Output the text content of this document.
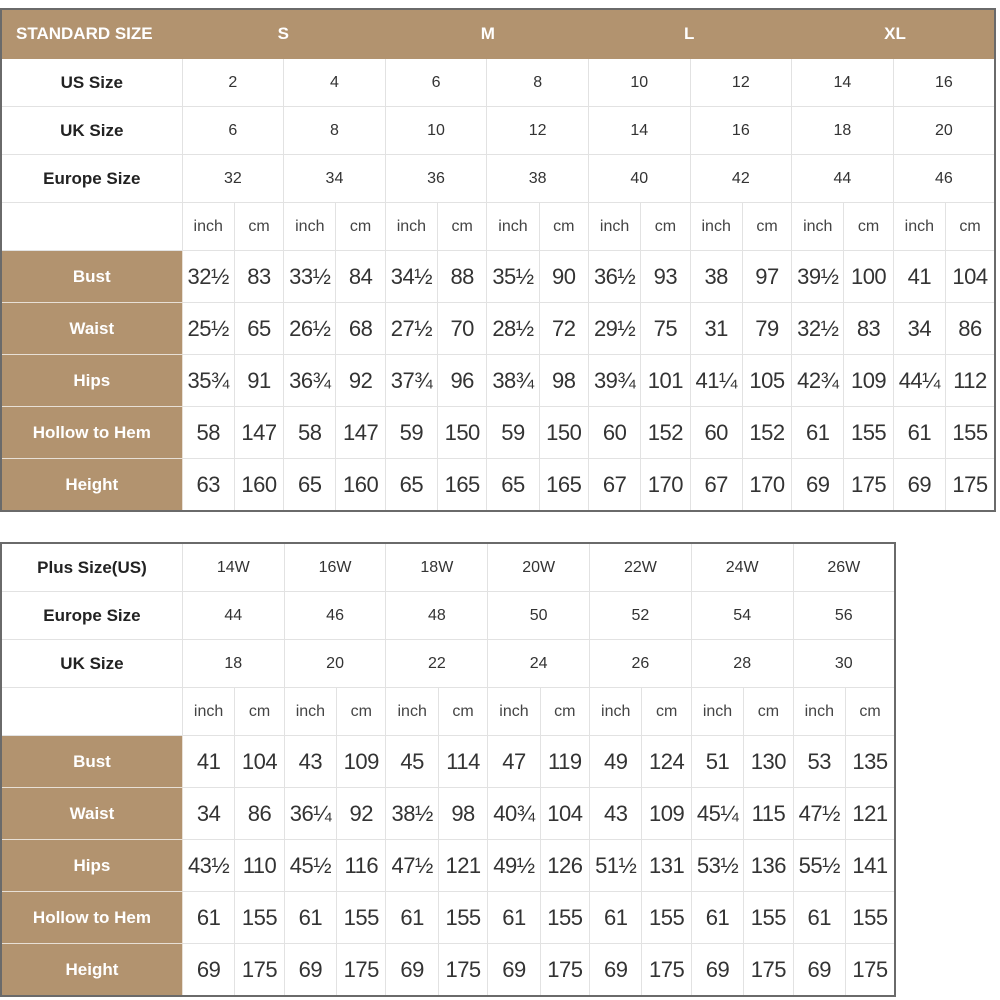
STANDARD SIZE	S				M				L				XL			
US Size	2		4		6		8		10		12		14		16	
UK Size	6		8		10		12		14		16		18		20	
Europe Size	32		34		36		38		40		42		44		46	
	inch	cm	inch	cm	inch	cm	inch	cm	inch	cm	inch	cm	inch	cm	inch	cm
Bust	32½	83	33½	84	34½	88	35½	90	36½	93	38	97	39½	100	41	104
Waist	25½	65	26½	68	27½	70	28½	72	29½	75	31	79	32½	83	34	86
Hips	35¾	91	36¾	92	37¾	96	38¾	98	39¾	101	41¼	105	42¾	109	44¼	112
Hollow to Hem	58	147	58	147	59	150	59	150	60	152	60	152	61	155	61	155
Height	63	160	65	160	65	165	65	165	67	170	67	170	69	175	69	175
Plus Size(US)	14W		16W		18W		20W		22W		24W		26W	
Europe Size	44		46		48		50		52		54		56	
UK Size	18		20		22		24		26		28		30	
	inch	cm	inch	cm	inch	cm	inch	cm	inch	cm	inch	cm	inch	cm
Bust	41	104	43	109	45	114	47	119	49	124	51	130	53	135
Waist	34	86	36¼	92	38½	98	40¾	104	43	109	45¼	115	47½	121
Hips	43½	110	45½	116	47½	121	49½	126	51½	131	53½	136	55½	141
Hollow to Hem	61	155	61	155	61	155	61	155	61	155	61	155	61	155
Height	69	175	69	175	69	175	69	175	69	175	69	175	69	175
